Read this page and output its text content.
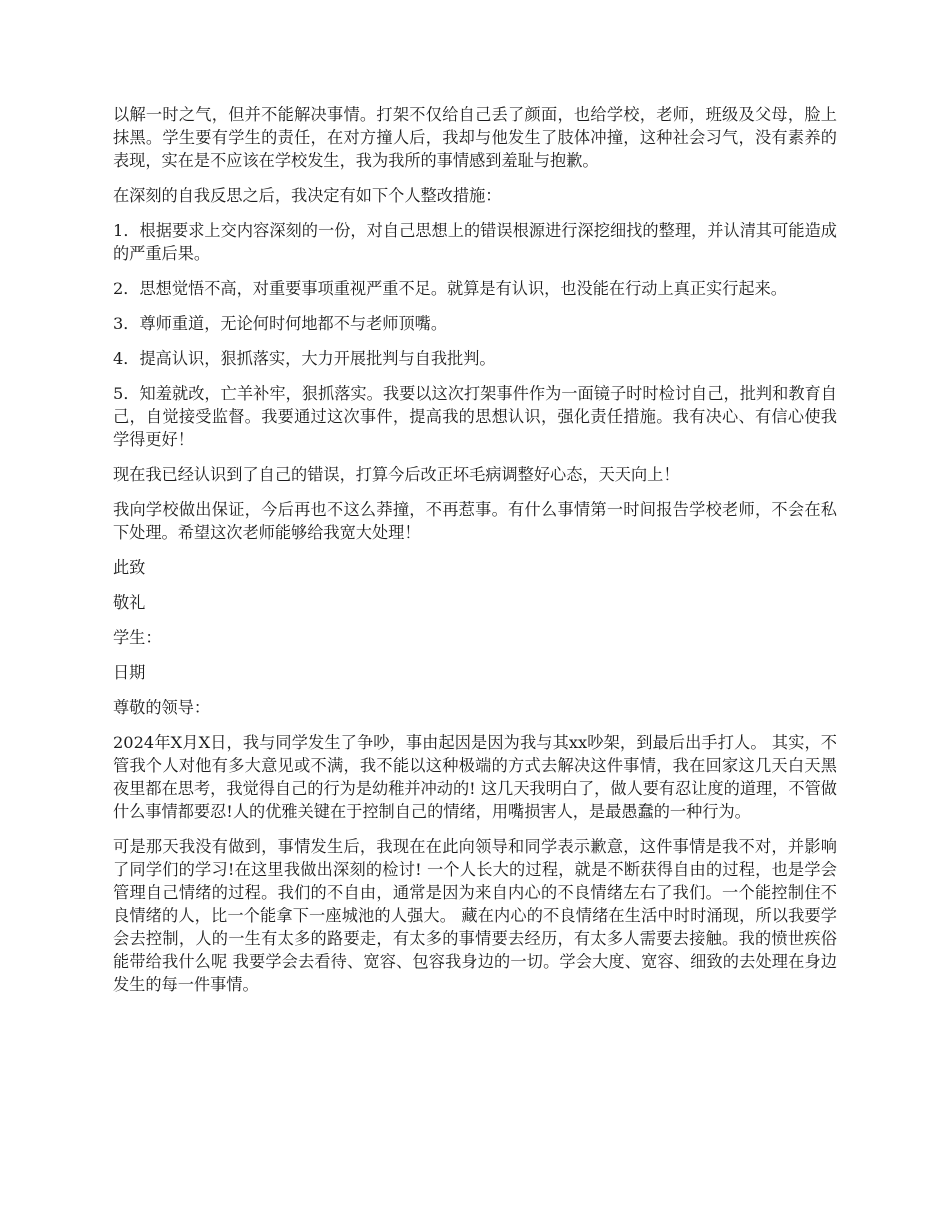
以解一时之气，但并不能解决事情。打架不仅给自己丢了颜面，也给学校，老师，班级及父母，脸上抹黑。学生要有学生的责任，在对方撞人后，我却与他发生了肢体冲撞，这种社会习气，没有素养的表现，实在是不应该在学校发生，我为我所的事情感到羞耻与抱歉。

在深刻的自我反思之后，我决定有如下个人整改措施：

1．根据要求上交内容深刻的一份，对自己思想上的错误根源进行深挖细找的整理，并认清其可能造成的严重后果。

2．思想觉悟不高，对重要事项重视严重不足。就算是有认识，也没能在行动上真正实行起来。

3．尊师重道，无论何时何地都不与老师顶嘴。

4．提高认识，狠抓落实，大力开展批判与自我批判。

5．知羞就改，亡羊补牢，狠抓落实。我要以这次打架事件作为一面镜子时时检讨自己，批判和教育自己，自觉接受监督。我要通过这次事件，提高我的思想认识，强化责任措施。我有决心、有信心使我学得更好！

现在我已经认识到了自己的错误，打算今后改正坏毛病调整好心态，天天向上！

我向学校做出保证，今后再也不这么莽撞，不再惹事。有什么事情第一时间报告学校老师，不会在私下处理。希望这次老师能够给我宽大处理！

此致

敬礼

学生：

日期

尊敬的领导：

2024年X月X日，我与同学发生了争吵，事由起因是因为我与其xx吵架，到最后出手打人。 其实，不管我个人对他有多大意见或不满，我不能以这种极端的方式去解决这件事情，我在回家这几天白天黑夜里都在思考，我觉得自己的行为是幼稚并冲动的! 这几天我明白了，做人要有忍让度的道理，不管做什么事情都要忍!人的优雅关键在于控制自己的情绪，用嘴损害人，是最愚蠢的一种行为。

可是那天我没有做到，事情发生后，我现在在此向领导和同学表示歉意，这件事情是我不对，并影响了同学们的学习!在这里我做出深刻的检讨! 一个人长大的过程，就是不断获得自由的过程，也是学会管理自己情绪的过程。我们的不自由，通常是因为来自内心的不良情绪左右了我们。一个能控制住不良情绪的人，比一个能拿下一座城池的人强大。 藏在内心的不良情绪在生活中时时涌现，所以我要学会去控制，人的一生有太多的路要走，有太多的事情要去经历，有太多人需要去接触。我的愤世疾俗能带给我什么呢 我要学会去看待、宽容、包容我身边的一切。学会大度、宽容、细致的去处理在身边发生的每一件事情。
